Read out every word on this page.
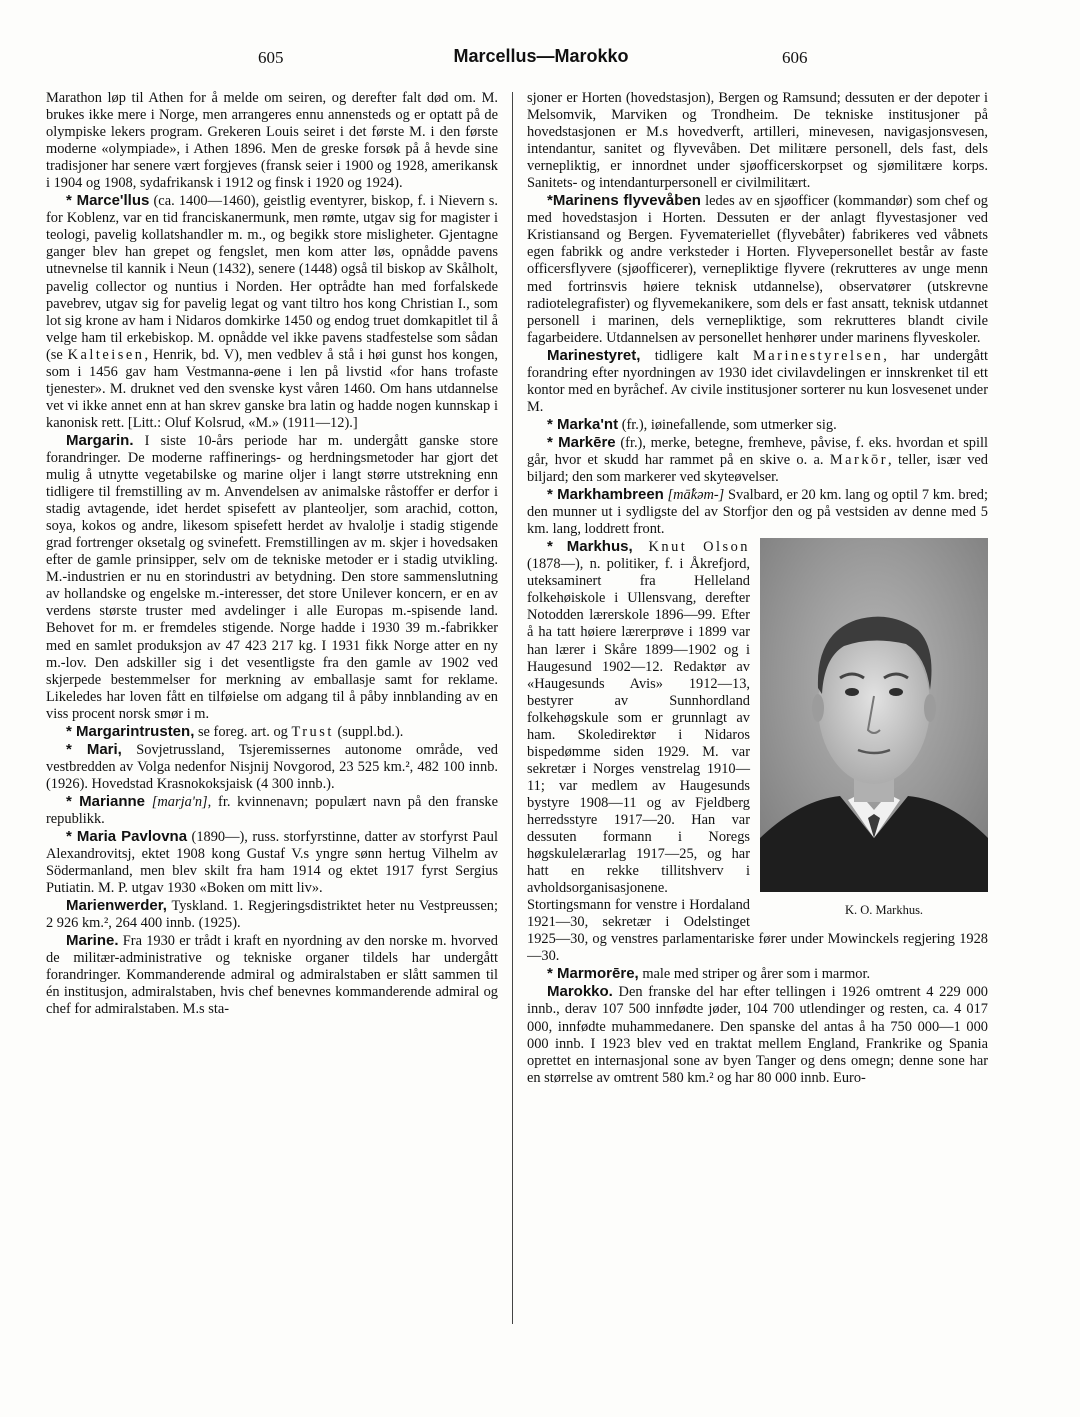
605	Marcellus—Marokko	606

Marathon løp til Athen for å melde om seiren, og derefter falt død om. M. brukes ikke mere i Norge, men arrangeres ennu annensteds og er optatt på de olympiske lekers program. Grekeren Louis seiret i det første M. i den første moderne «olympiade», i Athen 1896. Men de greske forsøk på å hevde sine tradisjoner har senere vært forgjeves (fransk seier i 1900 og 1928, amerikansk i 1904 og 1908, sydafrikansk i 1912 og finsk i 1920 og 1924).

* Marce'llus (ca. 1400—1460), geistlig eventyrer, biskop, f. i Nievern s. for Koblenz, var en tid franciskanermunk, men rømte, utgav sig for magister i teologi, pavelig kollatshandler m. m., og begikk store misligheter. Gjentagne ganger blev han grepet og fengslet, men kom atter løs, opnådde pavens utnevnelse til kannik i Neun (1432), senere (1448) også til biskop av Skålholt, pavelig collector og nuntius i Norden. Her optrådte han med forfalskede pavebrev, utgav sig for pavelig legat og vant tiltro hos kong Christian I., som lot sig krone av ham i Nidaros domkirke 1450 og endog truet domkapitlet til å velge ham til erkebiskop. M. opnådde vel ikke pavens stadfestelse som sådan (se Kalteisen, Henrik, bd. V), men vedblev å stå i høi gunst hos kongen, som i 1456 gav ham Vestmanna-øene i len på livstid «for hans trofaste tjenester». M. druknet ved den svenske kyst våren 1460. Om hans utdannelse vet vi ikke annet enn at han skrev ganske bra latin og hadde nogen kunnskap i kanonisk rett. [Litt.: Oluf Kolsrud, «M.» (1911—12).]

Margarin. I siste 10-års periode har m. undergått ganske store forandringer. De moderne raffinerings- og herdningsmetoder har gjort det mulig å utnytte vegetabilske og marine oljer i langt større utstrekning enn tidligere til fremstilling av m. Anvendelsen av animalske råstoffer er derfor i stadig avtagende, idet herdet spisefett av planteoljer, som arachid, cotton, soya, kokos og andre, likesom spisefett herdet av hvalolje i stadig stigende grad fortrenger oksetalg og svinefett. Fremstillingen av m. skjer i hovedsaken efter de gamle prinsipper, selv om de tekniske metoder er i stadig utvikling. M.-industrien er nu en storindustri av betydning. Den store sammenslutning av hollandske og engelske m.-interesser, det store Unilever koncern, er en av verdens største truster med avdelinger i alle Europas m.-spisende land. Behovet for m. er fremdeles stigende. Norge hadde i 1930 39 m.-fabrikker med en samlet produksjon av 47 423 217 kg. I 1931 fikk Norge atter en ny m.-lov. Den adskiller sig i det vesentligste fra den gamle av 1902 ved skjerpede bestemmelser for merkning av emballasje samt for reklame. Likeledes har loven fått en tilføielse om adgang til å påby innblanding av en viss procent norsk smør i m.

* Margarintrusten, se foreg. art. og Trust (suppl.bd.).

* Mari, Sovjetrussland, Tsjeremissernes autonome område, ved vestbredden av Volga nedenfor Nisjnij Novgorod, 23 525 km.², 482 100 innb. (1926). Hovedstad Krasnokoksjaisk (4 300 innb.).

* Marianne [marja'n], fr. kvinnenavn; populært navn på den franske republikk.

* Maria Pavlovna (1890—), russ. storfyrstinne, datter av storfyrst Paul Alexandrovitsj, ektet 1908 kong Gustaf V.s yngre sønn hertug Vilhelm av Södermanland, men blev skilt fra ham 1914 og ektet 1917 fyrst Sergius Putiatin. M. P. utgav 1930 «Boken om mitt liv».

Marienwerder, Tyskland. 1. Regjeringsdistriktet heter nu Vestpreussen; 2 926 km.², 264 400 innb. (1925).

Marine. Fra 1930 er trådt i kraft en nyordning av den norske m. hvorved de militær-administrative og tekniske organer tildels har undergått forandringer. Kommanderende admiral og admiralstaben er slått sammen til én institusjon, admiralstaben, hvis chef benevnes kommanderende admiral og chef for admiralstaben. M.s sta-

sjoner er Horten (hovedstasjon), Bergen og Ramsund; dessuten er der depoter i Melsomvik, Marviken og Trondheim. De tekniske institusjoner på hovedstasjonen er M.s hovedverft, artilleri, minevesen, navigasjonsvesen, intendantur, sanitet og flyvevåben. Det militære personell, dels fast, dels vernepliktig, er innordnet under sjøofficerskorpset og sjømilitære korps. Sanitets- og intendanturpersonell er civilmilitært.

*Marinens flyvevåben ledes av en sjøofficer (kommandør) som chef og med hovedstasjon i Horten. Dessuten er der anlagt flyvestasjoner ved Kristiansand og Bergen. Fyvemateriellet (flyvebåter) fabrikeres ved våbnets egen fabrikk og andre verksteder i Horten. Flyvepersonellet består av faste officersflyvere (sjøofficerer), vernepliktige flyvere (rekrutteres av unge menn med fortrinsvis høiere teknisk utdannelse), observatører (utskrevne radiotelegrafister) og flyvemekanikere, som dels er fast ansatt, teknisk utdannet personell i marinen, dels vernepliktige, som rekrutteres blandt civile fagarbeidere. Utdannelsen av personellet henhører under marinens flyveskoler.

Marinestyret, tidligere kalt Marinestyrelsen, har undergått forandring efter nyordningen av 1930 idet civilavdelingen er innskrenket til ett kontor med en byråchef. Av civile institusjoner sorterer nu kun losvesenet under M.

* Marka'nt (fr.), iøinefallende, som utmerker sig.

* Markēre (fr.), merke, betegne, fremheve, påvise, f. eks. hvordan et spill går, hvor et skudd har rammet på en skive o. a. Markōr, teller, især ved biljard; den som markerer ved skyteøvelser.

* Markhambreen [mā̊kəm-] Svalbard, er 20 km. lang og optil 7 km. bred; den munner ut i sydligste del av Storfjor den og på vestsiden av denne med 5 km. lang, loddrett front.

* Markhus, Knut Olson
K. O. Markhus.
(1878—), n. politiker, f. i Åkrefjord, uteksaminert fra Helleland folkehøiskole i Ullensvang, derefter Notodden lærerskole 1896—99. Efter å ha tatt høiere lærerprøve i 1899 var han lærer i Skåre 1899—1902 og i Haugesund 1902—12. Redaktør av «Haugesunds Avis» 1912—13, bestyrer av Sunnhordland folkehøgskule som er grunnlagt av ham. Skoledirektør i Nidaros bispedømme siden 1929. M. var sekretær i Norges venstrelag 1910—11; var medlem av Haugesunds bystyre 1908—11 og av Fjeldberg herredsstyre 1917—20. Han var dessuten formann i Noregs høgskulelærarlag 1917—25, og har hatt en rekke tillitshverv i avholdsorganisasjonene. Stortingsmann for venstre i Hordaland 1921—30, sekretær i Odelstinget 1925—30, og venstres parlamentariske fører under Mowinckels regjering 1928—30.

* Marmorēre, male med striper og årer som i marmor.

Marokko. Den franske del har efter tellingen i 1926 omtrent 4 229 000 innb., derav 107 500 innfødte jøder, 104 700 utlendinger og resten, ca. 4 017 000, innfødte muhammedanere. Den spanske del antas å ha 750 000—1 000 000 innb. I 1923 blev ved en traktat mellem England, Frankrike og Spania oprettet en internasjonal sone av byen Tanger og dens omegn; denne sone har en størrelse av omtrent 580 km.² og har 80 000 innb. Euro-
